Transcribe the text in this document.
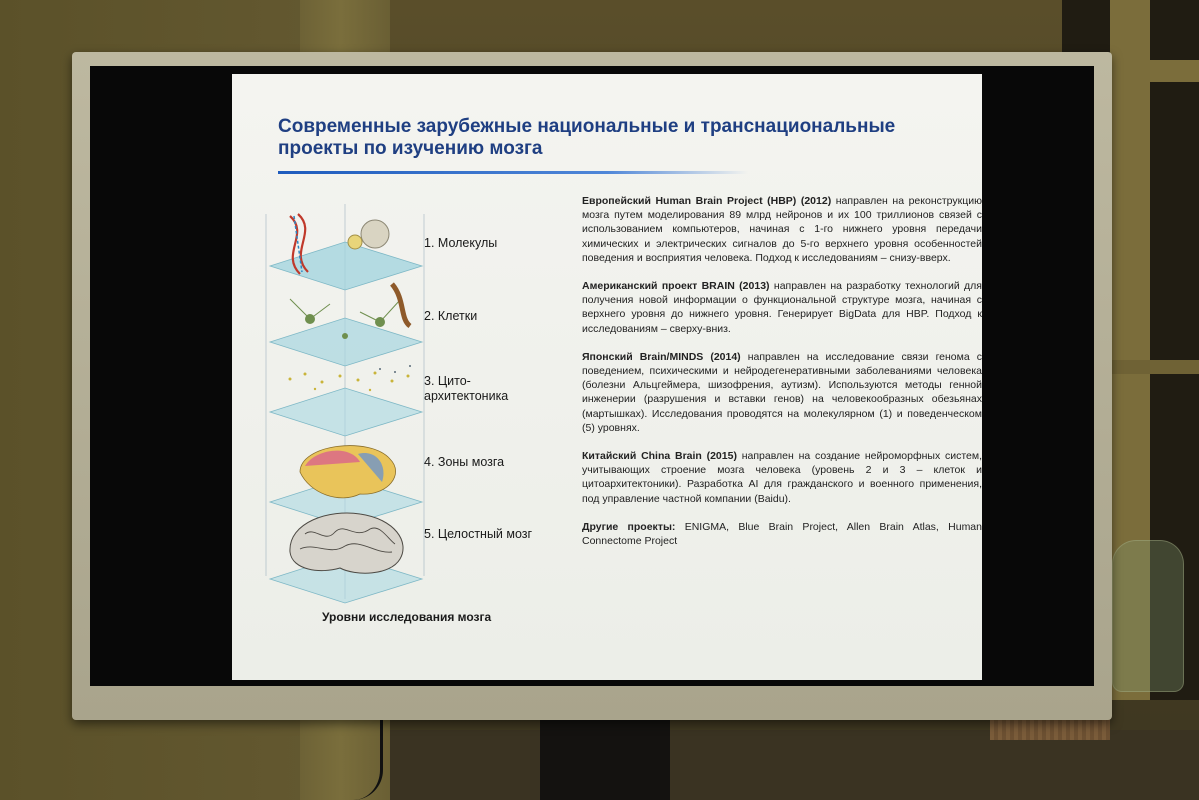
Современные зарубежные национальные и транснациональные
проекты по изучению мозга
1. Молекулы
2. Клетки
3. Цито-
архитектоника
4. Зоны мозга
5. Целостный мозг
Уровни исследования мозга

Европейский Human Brain Project (HBP) (2012) направлен на реконструкцию мозга путем моделирования 89 млрд нейронов и их 100 триллионов связей с использованием компьютеров, начиная с 1-го нижнего уровня передачи химических и электрических сигналов до 5-го верхнего уровня особенностей поведения и восприятия человека. Подход к исследованиям – снизу-вверх.

Американский проект BRAIN (2013) направлен на разработку технологий для получения новой информации о функциональной структуре мозга, начиная с верхнего уровня до нижнего уровня. Генерирует BigData для HBP. Подход к исследованиям – сверху-вниз.

Японский Brain/MINDS (2014) направлен на исследование связи генома с поведением, психическими и нейродегенеративными заболеваниями человека (болезни Альцгеймера, шизофрения, аутизм). Используются методы генной инженерии (разрушения и вставки генов) на человекообразных обезьянах (мартышках). Исследования проводятся на молекулярном (1) и поведенческом (5) уровнях.

Китайский China Brain (2015) направлен на создание нейроморфных систем, учитывающих строение мозга человека (уровень 2 и 3 – клеток и цитоархитектоники). Разработка AI для гражданского и военного применения, под управление частной компании (Baidu).

Другие проекты: ENIGMA, Blue Brain Project, Allen Brain Atlas, Human Connectome Project
